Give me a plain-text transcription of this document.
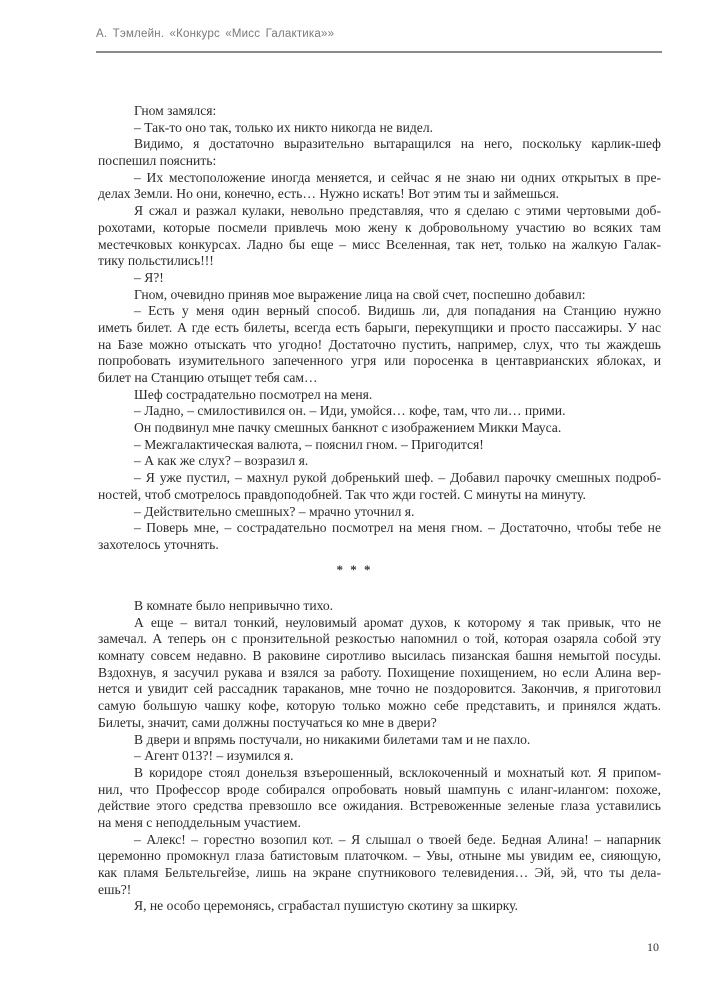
А. Тэмлейн. «Конкурс «Мисс Галактика»»
Гном замялся:
– Так-то оно так, только их никто никогда не видел.
Видимо, я достаточно выразительно вытаращился на него, поскольку карлик-шеф
поспешил пояснить:
– Их местоположение иногда меняется, и сейчас я не знаю ни одних открытых в пре-
делах Земли. Но они, конечно, есть… Нужно искать! Вот этим ты и займешься.
Я сжал и разжал кулаки, невольно представляя, что я сделаю с этими чертовыми доб-
рохотами, которые посмели привлечь мою жену к добровольному участию во всяких там
местечковых конкурсах. Ладно бы еще – мисс Вселенная, так нет, только на жалкую Галак-
тику польстились!!!
– Я?!
Гном, очевидно приняв мое выражение лица на свой счет, поспешно добавил:
– Есть у меня один верный способ. Видишь ли, для попадания на Станцию нужно
иметь билет. А где есть билеты, всегда есть барыги, перекупщики и просто пассажиры. У нас
на Базе можно отыскать что угодно! Достаточно пустить, например, слух, что ты жаждешь
попробовать изумительного запеченного угря или поросенка в центаврианских яблоках, и
билет на Станцию отыщет тебя сам…
Шеф сострадательно посмотрел на меня.
– Ладно, – смилостивился он. – Иди, умойся… кофе, там, что ли… прими.
Он подвинул мне пачку смешных банкнот с изображением Микки Мауса.
– Межгалактическая валюта, – пояснил гном. – Пригодится!
– А как же слух? – возразил я.
– Я уже пустил, – махнул рукой добренький шеф. – Добавил парочку смешных подроб-
ностей, чтоб смотрелось правдоподобней. Так что жди гостей. С минуты на минуту.
– Действительно смешных? – мрачно уточнил я.
– Поверь мне, – сострадательно посмотрел на меня гном. – Достаточно, чтобы тебе не
захотелось уточнять.
* * *
В комнате было непривычно тихо.
А еще – витал тонкий, неуловимый аромат духов, к которому я так привык, что не
замечал. А теперь он с пронзительной резкостью напомнил о той, которая озаряла собой эту
комнату совсем недавно. В раковине сиротливо высилась пизанская башня немытой посуды.
Вздохнув, я засучил рукава и взялся за работу. Похищение похищением, но если Алина вер-
нется и увидит сей рассадник тараканов, мне точно не поздоровится. Закончив, я приготовил
самую большую чашку кофе, которую только можно себе представить, и принялся ждать.
Билеты, значит, сами должны постучаться ко мне в двери?
В двери и впрямь постучали, но никакими билетами там и не пахло.
– Агент 013?! – изумился я.
В коридоре стоял донельзя взъерошенный, всклокоченный и мохнатый кот. Я припом-
нил, что Профессор вроде собирался опробовать новый шампунь с иланг-илангом: похоже,
действие этого средства превзошло все ожидания. Встревоженные зеленые глаза уставились
на меня с неподдельным участием.
– Алекс! – горестно возопил кот. – Я слышал о твоей беде. Бедная Алина! – напарник
церемонно промокнул глаза батистовым платочком. – Увы, отныне мы увидим ее, сияющую,
как пламя Бельтельгейзе, лишь на экране спутникового телевидения… Эй, эй, что ты дела-
ешь?!
Я, не особо церемонясь, сграбастал пушистую скотину за шкирку.
10
